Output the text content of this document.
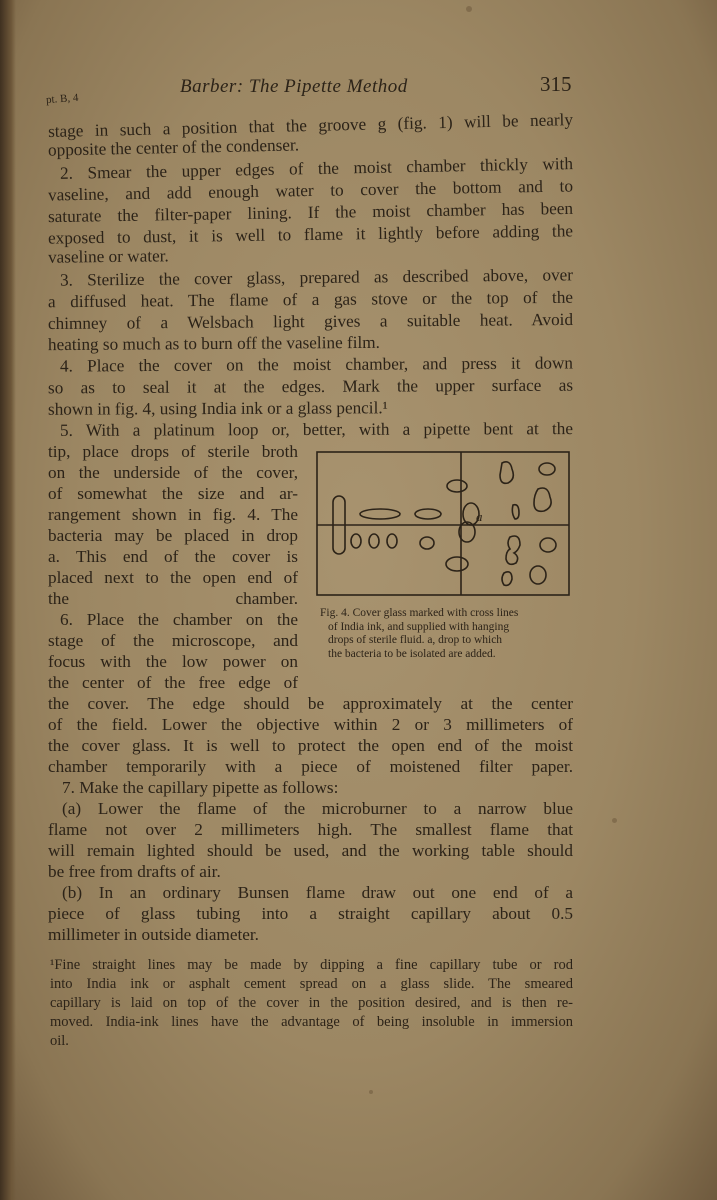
pt. B, 4
Barber: The Pipette Method	315
stage in such a position that the groove g (fig. 1) will be nearly
opposite the center of the condenser.
2. Smear the upper edges of the moist chamber thickly with
vaseline, and add enough water to cover the bottom and to
saturate the filter-paper lining. If the moist chamber has been
exposed to dust, it is well to flame it lightly before adding the
vaseline or water.
3. Sterilize the cover glass, prepared as described above, over
a diffused heat. The flame of a gas stove or the top of the
chimney of a Welsbach light gives a suitable heat. Avoid
heating so much as to burn off the vaseline film.
4. Place the cover on the moist chamber, and press it down
so as to seal it at the edges. Mark the upper surface as
shown in fig. 4, using India ink or a glass pencil.¹
5. With a platinum loop or, better, with a pipette bent at the
tip, place drops of sterile broth
on the underside of the cover,
of somewhat the size and ar-
rangement shown in fig. 4. The
bacteria may be placed in drop
a. This end of the cover is
placed next to the open end of
the chamber.
6. Place the chamber on the
stage of the microscope, and
focus with the low power on
the center of the free edge of
a
Fig. 4. Cover glass marked with cross lines
of India ink, and supplied with hanging
drops of sterile fluid. a, drop to which
the bacteria to be isolated are added.
the cover. The edge should be approximately at the center
of the field. Lower the objective within 2 or 3 millimeters of
the cover glass. It is well to protect the open end of the moist
chamber temporarily with a piece of moistened filter paper.
7. Make the capillary pipette as follows:
(a) Lower the flame of the microburner to a narrow blue
flame not over 2 millimeters high. The smallest flame that
will remain lighted should be used, and the working table should
be free from drafts of air.
(b) In an ordinary Bunsen flame draw out one end of a
piece of glass tubing into a straight capillary about 0.5
millimeter in outside diameter.
¹Fine straight lines may be made by dipping a fine capillary tube or rod
into India ink or asphalt cement spread on a glass slide. The smeared
capillary is laid on top of the cover in the position desired, and is then re-
moved. India-ink lines have the advantage of being insoluble in immersion
oil.
